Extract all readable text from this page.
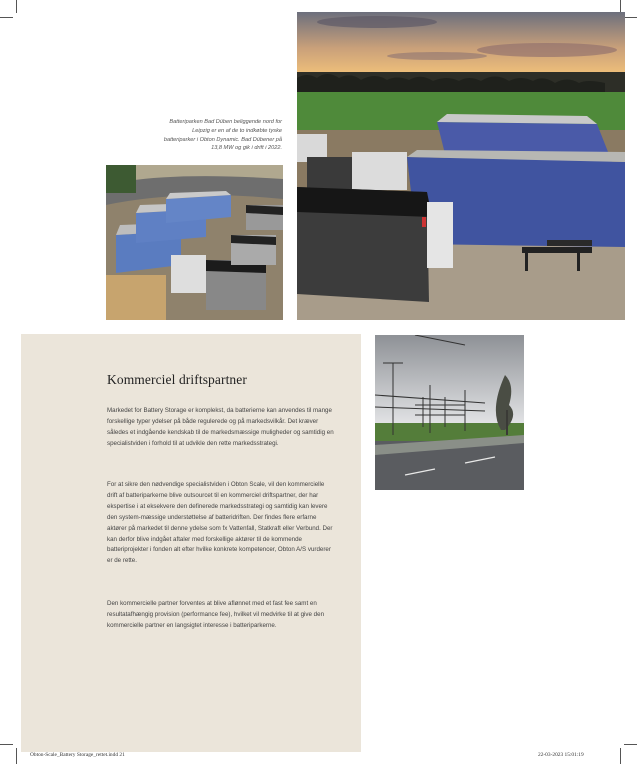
Batteriparken Bad Düben beliggende nord for Leipzig er en af de to indkøbte tyske batteriparker i Obton Dynamic. Bad Dübener på 13,8 MW og gik i drift i 2022.
Kommerciel driftspartner

Markedet for Battery Storage er komplekst, da batterierne kan anvendes til mange forskellige typer ydelser på både regulerede og på markedsvilkår. Det kræver således et indgående kendskab til de markedsmæssige muligheder og samtidig en specialistviden i forhold til at udvikle den rette markedsstrategi.

For at sikre den nødvendige specialistviden i Obton Scale, vil den kommercielle drift af batteriparkerne blive outsourcet til en kommerciel driftspartner, der har ekspertise i at eksekvere den definerede markedsstrategi og samtidig kan levere den system-mæssige understøttelse af batteridriften. Der findes flere erfarne aktører på markedet til denne ydelse som fx Vattenfall, Statkraft eller Verbund. Der kan derfor blive indgået aftaler med forskellige aktører til de kommende batteriprojekter i fonden alt efter hvilke konkrete kompetencer, Obton A/S vurderer er de rette.

Den kommercielle partner forventes at blive aflønnet med et fast fee samt en resultatafhængig provision (performance fee), hvilket vil medvirke til at give den kommercielle partner en langsigtet interesse i batteriparkerne.

Obton-Scale_Battery Storage_rettet.indd 21	22-03-2023 15:01:19
